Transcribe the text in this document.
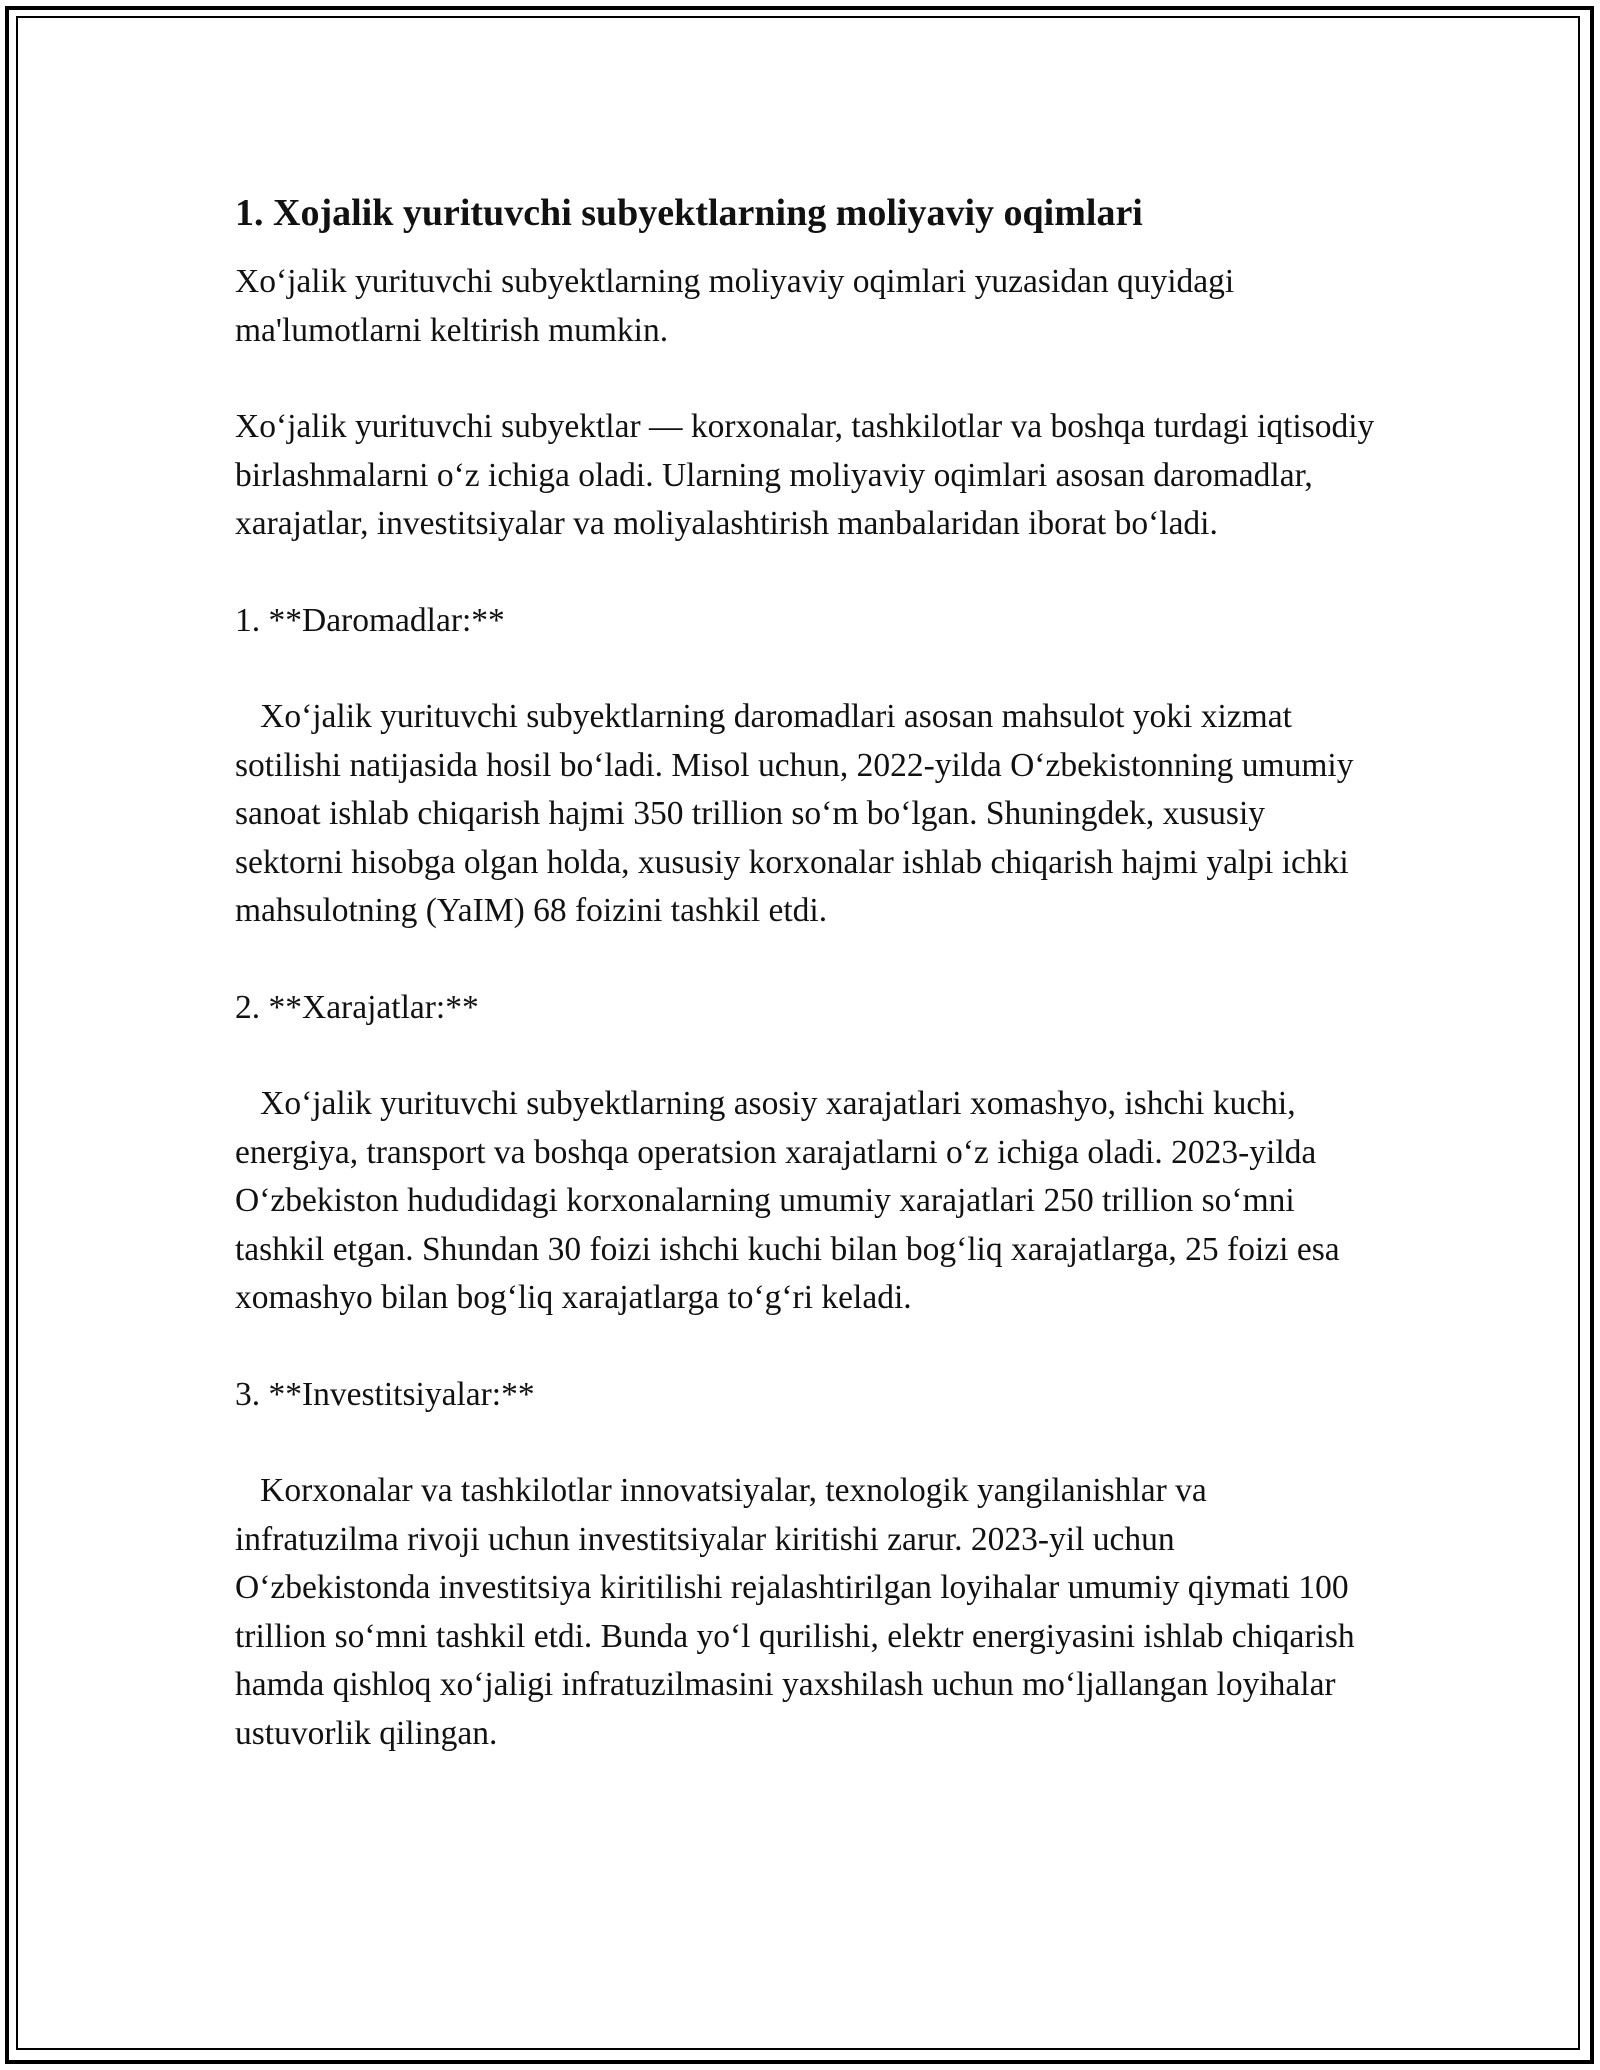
1. Xojalik yurituvchi subyektlarning moliyaviy oqimlari

Xo‘jalik yurituvchi subyektlarning moliyaviy oqimlari yuzasidan quyidagi ma'lumotlarni keltirish mumkin.

Xo‘jalik yurituvchi subyektlar — korxonalar, tashkilotlar va boshqa turdagi iqtisodiy birlashmalarni o‘z ichiga oladi. Ularning moliyaviy oqimlari asosan daromadlar, xarajatlar, investitsiyalar va moliyalashtirish manbalaridan iborat bo‘ladi.

1. **Daromadlar:**

Xo‘jalik yurituvchi subyektlarning daromadlari asosan mahsulot yoki xizmat sotilishi natijasida hosil bo‘ladi. Misol uchun, 2022-yilda O‘zbekistonning umumiy sanoat ishlab chiqarish hajmi 350 trillion so‘m bo‘lgan. Shuningdek, xususiy sektorni hisobga olgan holda, xususiy korxonalar ishlab chiqarish hajmi yalpi ichki mahsulotning (YaIM) 68 foizini tashkil etdi.

2. **Xarajatlar:**

Xo‘jalik yurituvchi subyektlarning asosiy xarajatlari xomashyo, ishchi kuchi, energiya, transport va boshqa operatsion xarajatlarni o‘z ichiga oladi. 2023-yilda O‘zbekiston hududidagi korxonalarning umumiy xarajatlari 250 trillion so‘mni tashkil etgan. Shundan 30 foizi ishchi kuchi bilan bog‘liq xarajatlarga, 25 foizi esa xomashyo bilan bog‘liq xarajatlarga to‘g‘ri keladi.

3. **Investitsiyalar:**

Korxonalar va tashkilotlar innovatsiyalar, texnologik yangilanishlar va infratuzilma rivoji uchun investitsiyalar kiritishi zarur. 2023-yil uchun O‘zbekistonda investitsiya kiritilishi rejalashtirilgan loyihalar umumiy qiymati 100 trillion so‘mni tashkil etdi. Bunda yo‘l qurilishi, elektr energiyasini ishlab chiqarish hamda qishloq xo‘jaligi infratuzilmasini yaxshilash uchun mo‘ljallangan loyihalar ustuvorlik qilingan.
